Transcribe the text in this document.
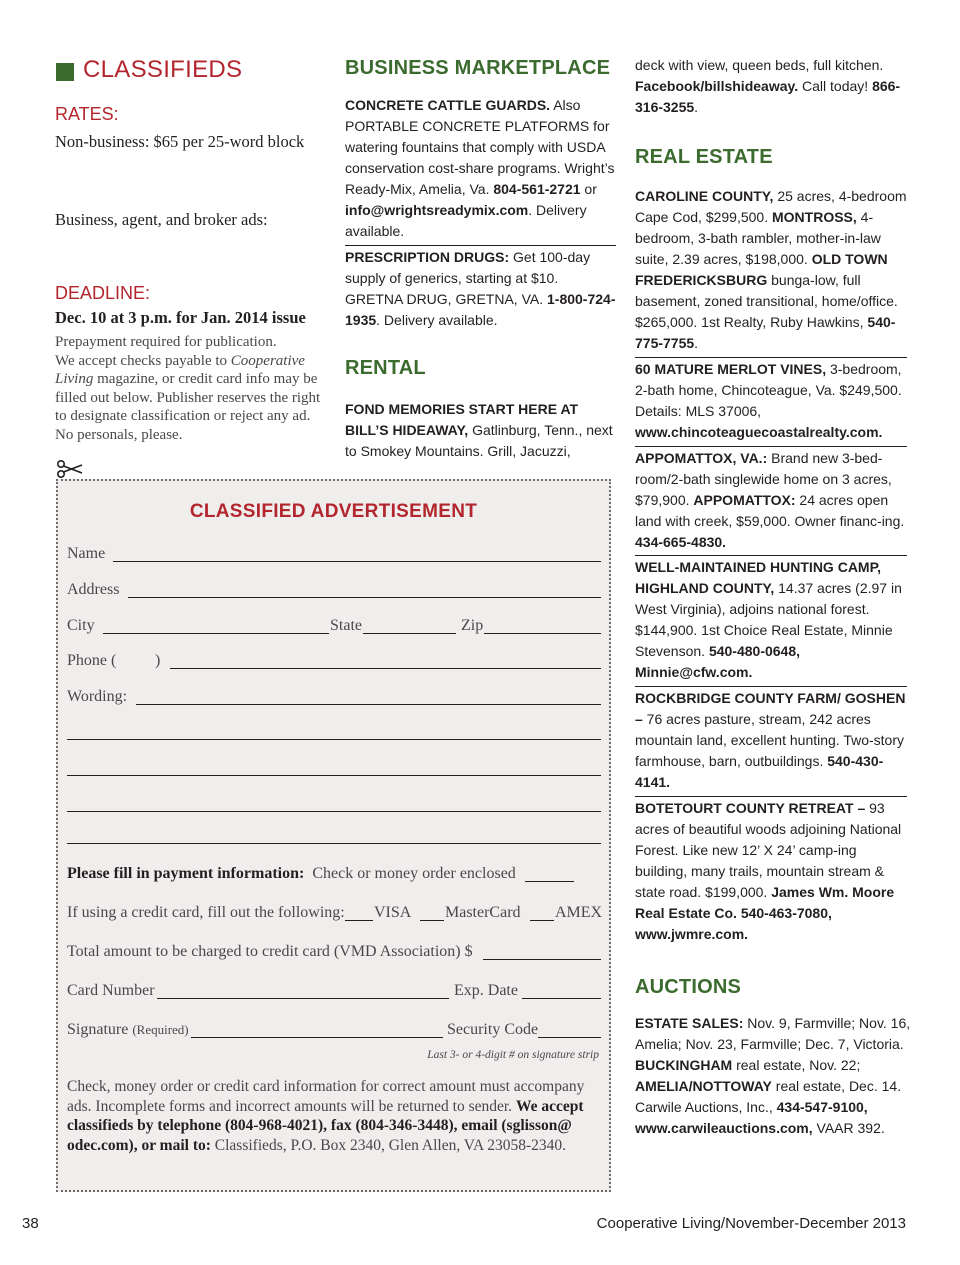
CLASSIFIEDS
RATES:
Non-business: $65 per 25-word block

Business, agent, and broker ads:
DEADLINE:
Dec. 10 at 3 p.m. for Jan. 2014 issue
Prepayment required for publication.
We accept checks payable to Cooperative
Living magazine, or credit card info may be
filled out below. Publisher reserves the right
to designate classification or reject any ad.
No personals, please.
CLASSIFIED ADVERTISEMENT
Name
Address
City	State	Zip
Phone ( )
Wording:
Please fill in payment information: Check or money order enclosed
If using a credit card, fill out the following: VISA MasterCard AMEX
Total amount to be charged to credit card (VMD Association) $
Card Number	Exp. Date
Signature (Required)	Security Code
Last 3- or 4-digit # on signature strip
Check, money order or credit card information for correct amount must accompany
ads. Incomplete forms and incorrect amounts will be returned to sender. We accept
classifieds by telephone (804-968-4021), fax (804-346-3448), email (sglisson@
odec.com), or mail to: Classifieds, P.O. Box 2340, Glen Allen, VA 23058-2340.
BUSINESS MARKETPLACE

CONCRETE CATTLE GUARDS. Also PORTABLE CONCRETE PLATFORMS for watering fountains that comply with USDA conservation cost-share programs. Wright’s Ready-Mix, Amelia, Va. 804-561-2721 or info@wrightsreadymix.com. Delivery available.

PRESCRIPTION DRUGS: Get 100-day supply of generics, starting at $10. GRETNA DRUG, GRETNA, VA. 1-800-724-1935. Delivery available.

RENTAL

FOND MEMORIES START HERE AT BILL’S HIDEAWAY, Gatlinburg, Tenn., next to Smokey Mountains. Grill, Jacuzzi,

deck with view, queen beds, full kitchen. Facebook/billshideaway. Call today! 866-316-3255.

REAL ESTATE

CAROLINE COUNTY, 25 acres, 4-bedroom Cape Cod, $299,500. MONTROSS, 4-bedroom, 3-bath rambler, mother-in-law suite, 2.39 acres, $198,000. OLD TOWN FREDERICKSBURG bunga-low, full basement, zoned transitional, home/office. $265,000. 1st Realty, Ruby Hawkins, 540-775-7755.

60 MATURE MERLOT VINES, 3-bedroom, 2-bath home, Chincoteague, Va. $249,500. Details: MLS 37006, www.chincoteaguecoastalrealty.com.

APPOMATTOX, VA.: Brand new 3-bed-room/2-bath singlewide home on 3 acres, $79,900. APPOMATTOX: 24 acres open land with creek, $59,000. Owner financ-ing. 434-665-4830.

WELL-MAINTAINED HUNTING CAMP, HIGHLAND COUNTY, 14.37 acres (2.97 in West Virginia), adjoins national forest. $144,900. 1st Choice Real Estate, Minnie Stevenson. 540-480-0648, Minnie@cfw.com.

ROCKBRIDGE COUNTY FARM/ GOSHEN – 76 acres pasture, stream, 242 acres mountain land, excellent hunting. Two-story farmhouse, barn, outbuildings. 540-430-4141.

BOTETOURT COUNTY RETREAT – 93 acres of beautiful woods adjoining National Forest. Like new 12’ X 24’ camp-ing building, many trails, mountain stream & state road. $199,000. James Wm. Moore Real Estate Co. 540-463-7080, www.jwmre.com.

AUCTIONS

ESTATE SALES: Nov. 9, Farmville; Nov. 16, Amelia; Nov. 23, Farmville; Dec. 7, Victoria. BUCKINGHAM real estate, Nov. 22; AMELIA/NOTTOWAY real estate, Dec. 14. Carwile Auctions, Inc., 434-547-9100, www.carwileauctions.com, VAAR 392.

38	Cooperative Living/November-December 2013
